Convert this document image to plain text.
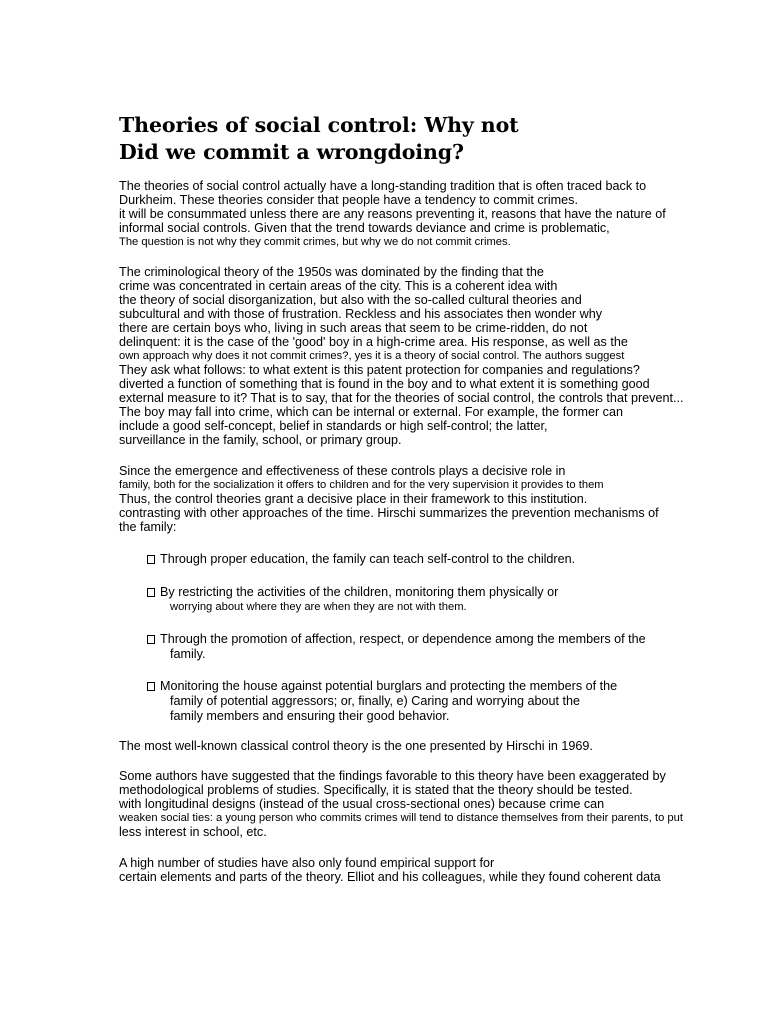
Theories of social control: Why not
Did we commit a wrongdoing?
The theories of social control actually have a long-standing tradition that is often traced back to
Durkheim. These theories consider that people have a tendency to commit crimes.
it will be consummated unless there are any reasons preventing it, reasons that have the nature of
informal social controls. Given that the trend towards deviance and crime is problematic,
The question is not why they commit crimes, but why we do not commit crimes.
The criminological theory of the 1950s was dominated by the finding that the
crime was concentrated in certain areas of the city. This is a coherent idea with
the theory of social disorganization, but also with the so-called cultural theories and
subcultural and with those of frustration. Reckless and his associates then wonder why
there are certain boys who, living in such areas that seem to be crime-ridden, do not
delinquent: it is the case of the 'good' boy in a high-crime area. His response, as well as the
own approach why does it not commit crimes?, yes it is a theory of social control. The authors suggest
They ask what follows: to what extent is this patent protection for companies and regulations?
diverted a function of something that is found in the boy and to what extent it is something good
external measure to it? That is to say, that for the theories of social control, the controls that prevent...
The boy may fall into crime, which can be internal or external. For example, the former can
include a good self-concept, belief in standards or high self-control; the latter,
surveillance in the family, school, or primary group.
Since the emergence and effectiveness of these controls plays a decisive role in
family, both for the socialization it offers to children and for the very supervision it provides to them
Thus, the control theories grant a decisive place in their framework to this institution.
contrasting with other approaches of the time. Hirschi summarizes the prevention mechanisms of
the family:
Through proper education, the family can teach self-control to the children.
By restricting the activities of the children, monitoring them physically or
worrying about where they are when they are not with them.
Through the promotion of affection, respect, or dependence among the members of the
family.
Monitoring the house against potential burglars and protecting the members of the
family of potential aggressors; or, finally, e) Caring and worrying about the
family members and ensuring their good behavior.
The most well-known classical control theory is the one presented by Hirschi in 1969.
Some authors have suggested that the findings favorable to this theory have been exaggerated by
methodological problems of studies. Specifically, it is stated that the theory should be tested.
with longitudinal designs (instead of the usual cross-sectional ones) because crime can
weaken social ties: a young person who commits crimes will tend to distance themselves from their parents, to put
less interest in school, etc.
A high number of studies have also only found empirical support for
certain elements and parts of the theory. Elliot and his colleagues, while they found coherent data
